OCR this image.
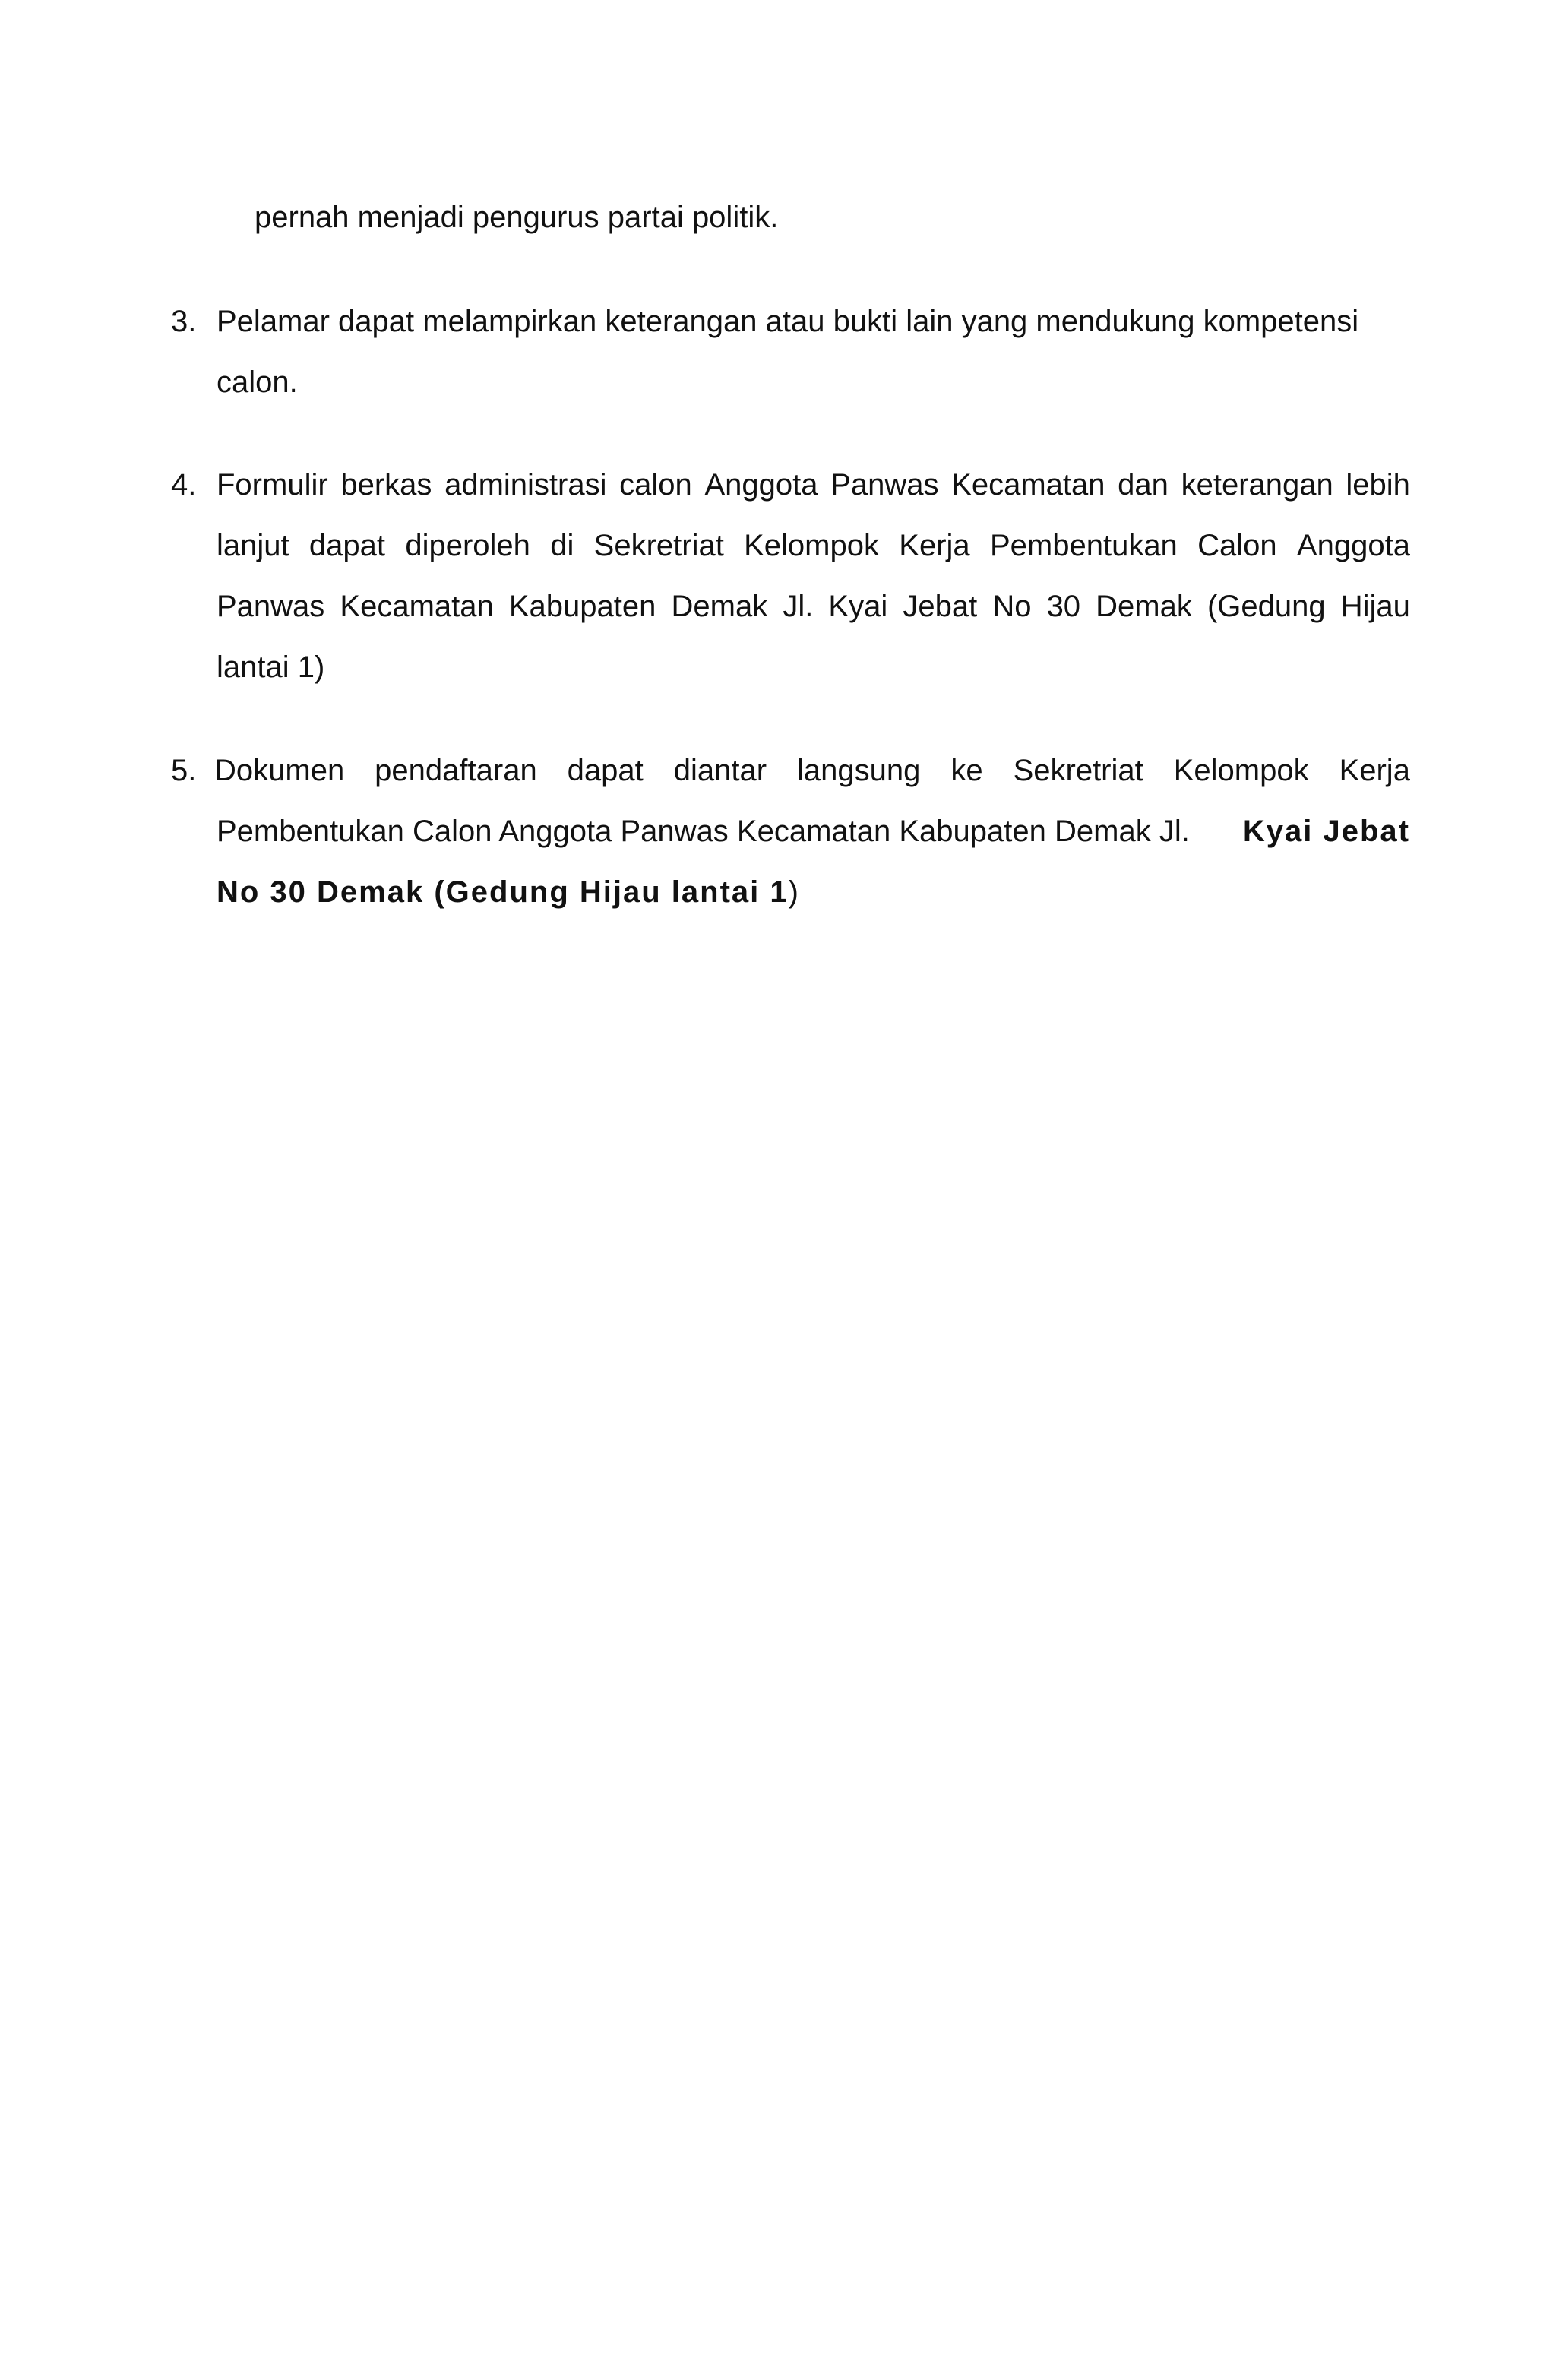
pernah menjadi pengurus partai politik.
3. Pelamar dapat melampirkan keterangan atau bukti lain yang mendukung kompetensi
calon.
4. Formulir berkas administrasi calon Anggota Panwas Kecamatan dan keterangan lebih
lanjut dapat diperoleh di Sekretriat Kelompok Kerja Pembentukan Calon Anggota
Panwas Kecamatan Kabupaten Demak Jl. Kyai Jebat No 30 Demak (Gedung Hijau
lantai 1)
5. Dokumen pendaftaran dapat diantar langsung ke Sekretriat Kelompok Kerja
Pembentukan Calon Anggota Panwas Kecamatan Kabupaten Demak Jl. Kyai Jebat
No 30 Demak (Gedung Hijau lantai 1)
